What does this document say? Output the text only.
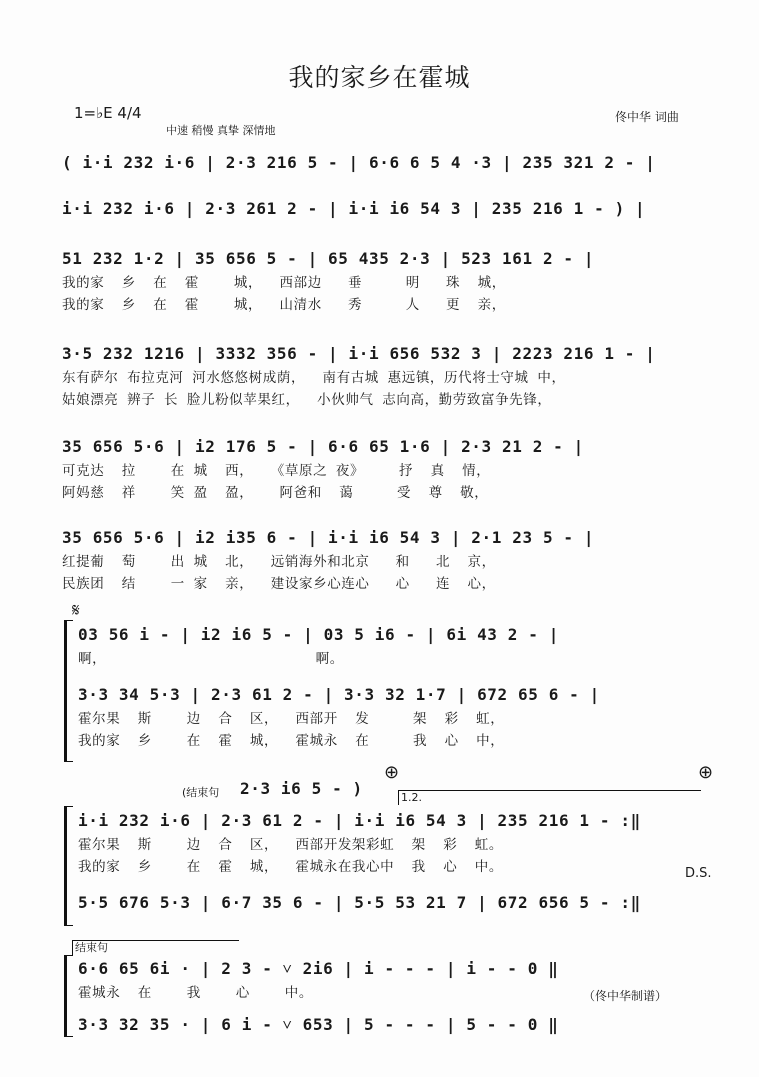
我的家乡在霍城
1=♭E 4/4
中速 稍慢 真挚 深情地
佟中华 词曲
( i·i 232 i·6 | 2·3 216 5 - | 6·6 6 5 4 ·3 | 235 321 2 - |
i·i 232 i·6 | 2·3 261 2 - | i·i i6 54 3 | 235 216 1 - ) |
51 232 1·2 | 35 656 5 - | 65 435 2·3 | 523 161 2 - |
我的家  乡  在  霍    城，  西部边   垂     明   珠  城，
我的家  乡  在  霍    城，  山清水   秀     人   更  亲，
3·5 232 1216 | 3332 356 - | i·i 656 532 3 | 2223 216 1 - |
东有萨尔 布拉克河 河水悠悠树成荫，  南有古城 惠远镇，历代将士守城 中，
姑娘漂亮 辨子 长 脸儿粉似苹果红，  小伙帅气 志向高，勤劳致富争先锋，
35 656 5·6 | i2 176 5 - | 6·6 65 1·6 | 2·3 21 2 - |
可克达  拉    在 城  西，  《草原之 夜》    抒  真  情，
阿妈慈  祥    笑 盈  盈，   阿爸和  蔼     受  尊  敬，
35 656 5·6 | i2 i35 6 - | i·i i6 54 3 | 2·1 23 5 - |
红提葡  萄    出 城  北，  远销海外和北京   和   北  京，
民族团  结    一 家  亲，  建设家乡心连心   心   连  心，
𝄋
03 56 i - | i2 i6 5 - | 03 5 i6 - | 6i 43 2 - |
啊，                        啊。
3·3 34 5·3 | 2·3 61 2 - | 3·3 32 1·7 | 672 65 6 - |
霍尔果  斯    边  合  区，  西部开  发     架  彩  虹，
我的家  乡    在  霍  城，  霍城永  在     我  心  中，
(结束句 2·3 i6 5 - )
⊕	⊕
1.2.
i·i 232 i·6 | 2·3 61 2 - | i·i i6 54 3 | 235 216 1 - :‖
霍尔果  斯    边  合  区，  西部开发架彩虹  架  彩  虹。
我的家  乡    在  霍  城，  霍城永在我心中  我  心  中。	D.S.
5·5 676 5·3 | 6·7 35 6 - | 5·5 53 21 7 | 672 656 5 - :‖
结束句
6·6 65 6i · | 2 3 - ˅ 2i6 | i - - - | i - - 0 ‖
霍城永  在    我    心    中。	（佟中华制谱）
3·3 32 35 · | 6 i - ˅ 653 | 5 - - - | 5 - - 0 ‖
